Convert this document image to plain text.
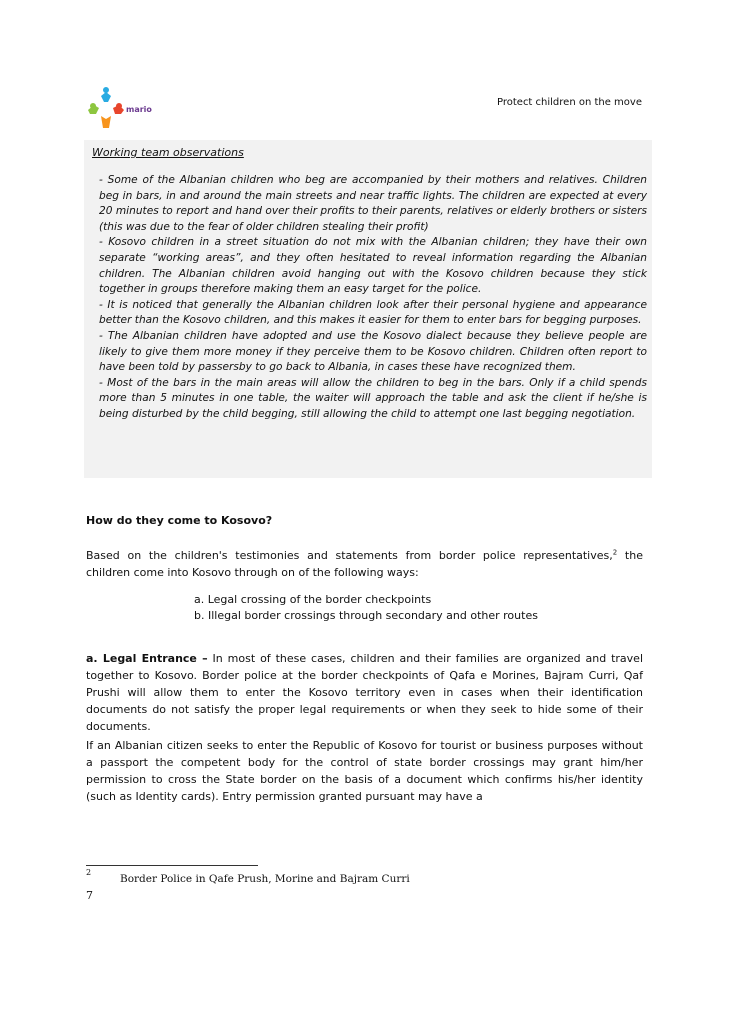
mario
Protect children on the move
Working team observations

- Some of the Albanian children who beg are accompanied by their mothers and relatives. Children beg in bars, in and around the main streets and near traffic lights. The children are expected at every 20 minutes to report and hand over their profits to their parents, relatives or elderly brothers or sisters (this was due to the fear of older children stealing their profit)

- Kosovo children in a street situation do not mix with the Albanian children; they have their own separate “working areas”, and they often hesitated to reveal information regarding the Albanian children. The Albanian children avoid hanging out with the Kosovo children because they stick together in groups therefore making them an easy target for the police.

- It is noticed that generally the Albanian children look after their personal hygiene and appearance better than the Kosovo children, and this makes it easier for them to enter bars for begging purposes.

- The Albanian children have adopted and use the Kosovo dialect because they believe people are likely to give them more money if they perceive them to be Kosovo children. Children often report to have been told by passersby to go back to Albania, in cases these have recognized them.

- Most of the bars in the main areas will allow the children to beg in the bars. Only if a child spends more than 5 minutes in one table, the waiter will approach the table and ask the client if he/she is being disturbed by the child begging, still allowing the child to attempt one last begging negotiation.

How do they come to Kosovo?

Based on the children's testimonies and statements from border police representatives,$^2$ the children come into Kosovo through on of the following ways:

a. Legal crossing of the border checkpoints
b. Illegal border crossings through secondary and other routes

a. Legal Entrance – In most of these cases, children and their families are organized and travel together to Kosovo. Border police at the border checkpoints of Qafa e Morines, Bajram Curri, Qaf Prushi will allow them to enter the Kosovo territory even in cases when their identification documents do not satisfy the proper legal requirements or when they seek to hide some of their documents.

If an Albanian citizen seeks to enter the Republic of Kosovo for tourist or business purposes without a passport the competent body for the control of state border crossings may grant him/her permission to cross the State border on the basis of a document which confirms his/her identity (such as Identity cards). Entry permission granted pursuant may have a

2
Border Police in Qafe Prush, Morine and Bajram Curri
7
